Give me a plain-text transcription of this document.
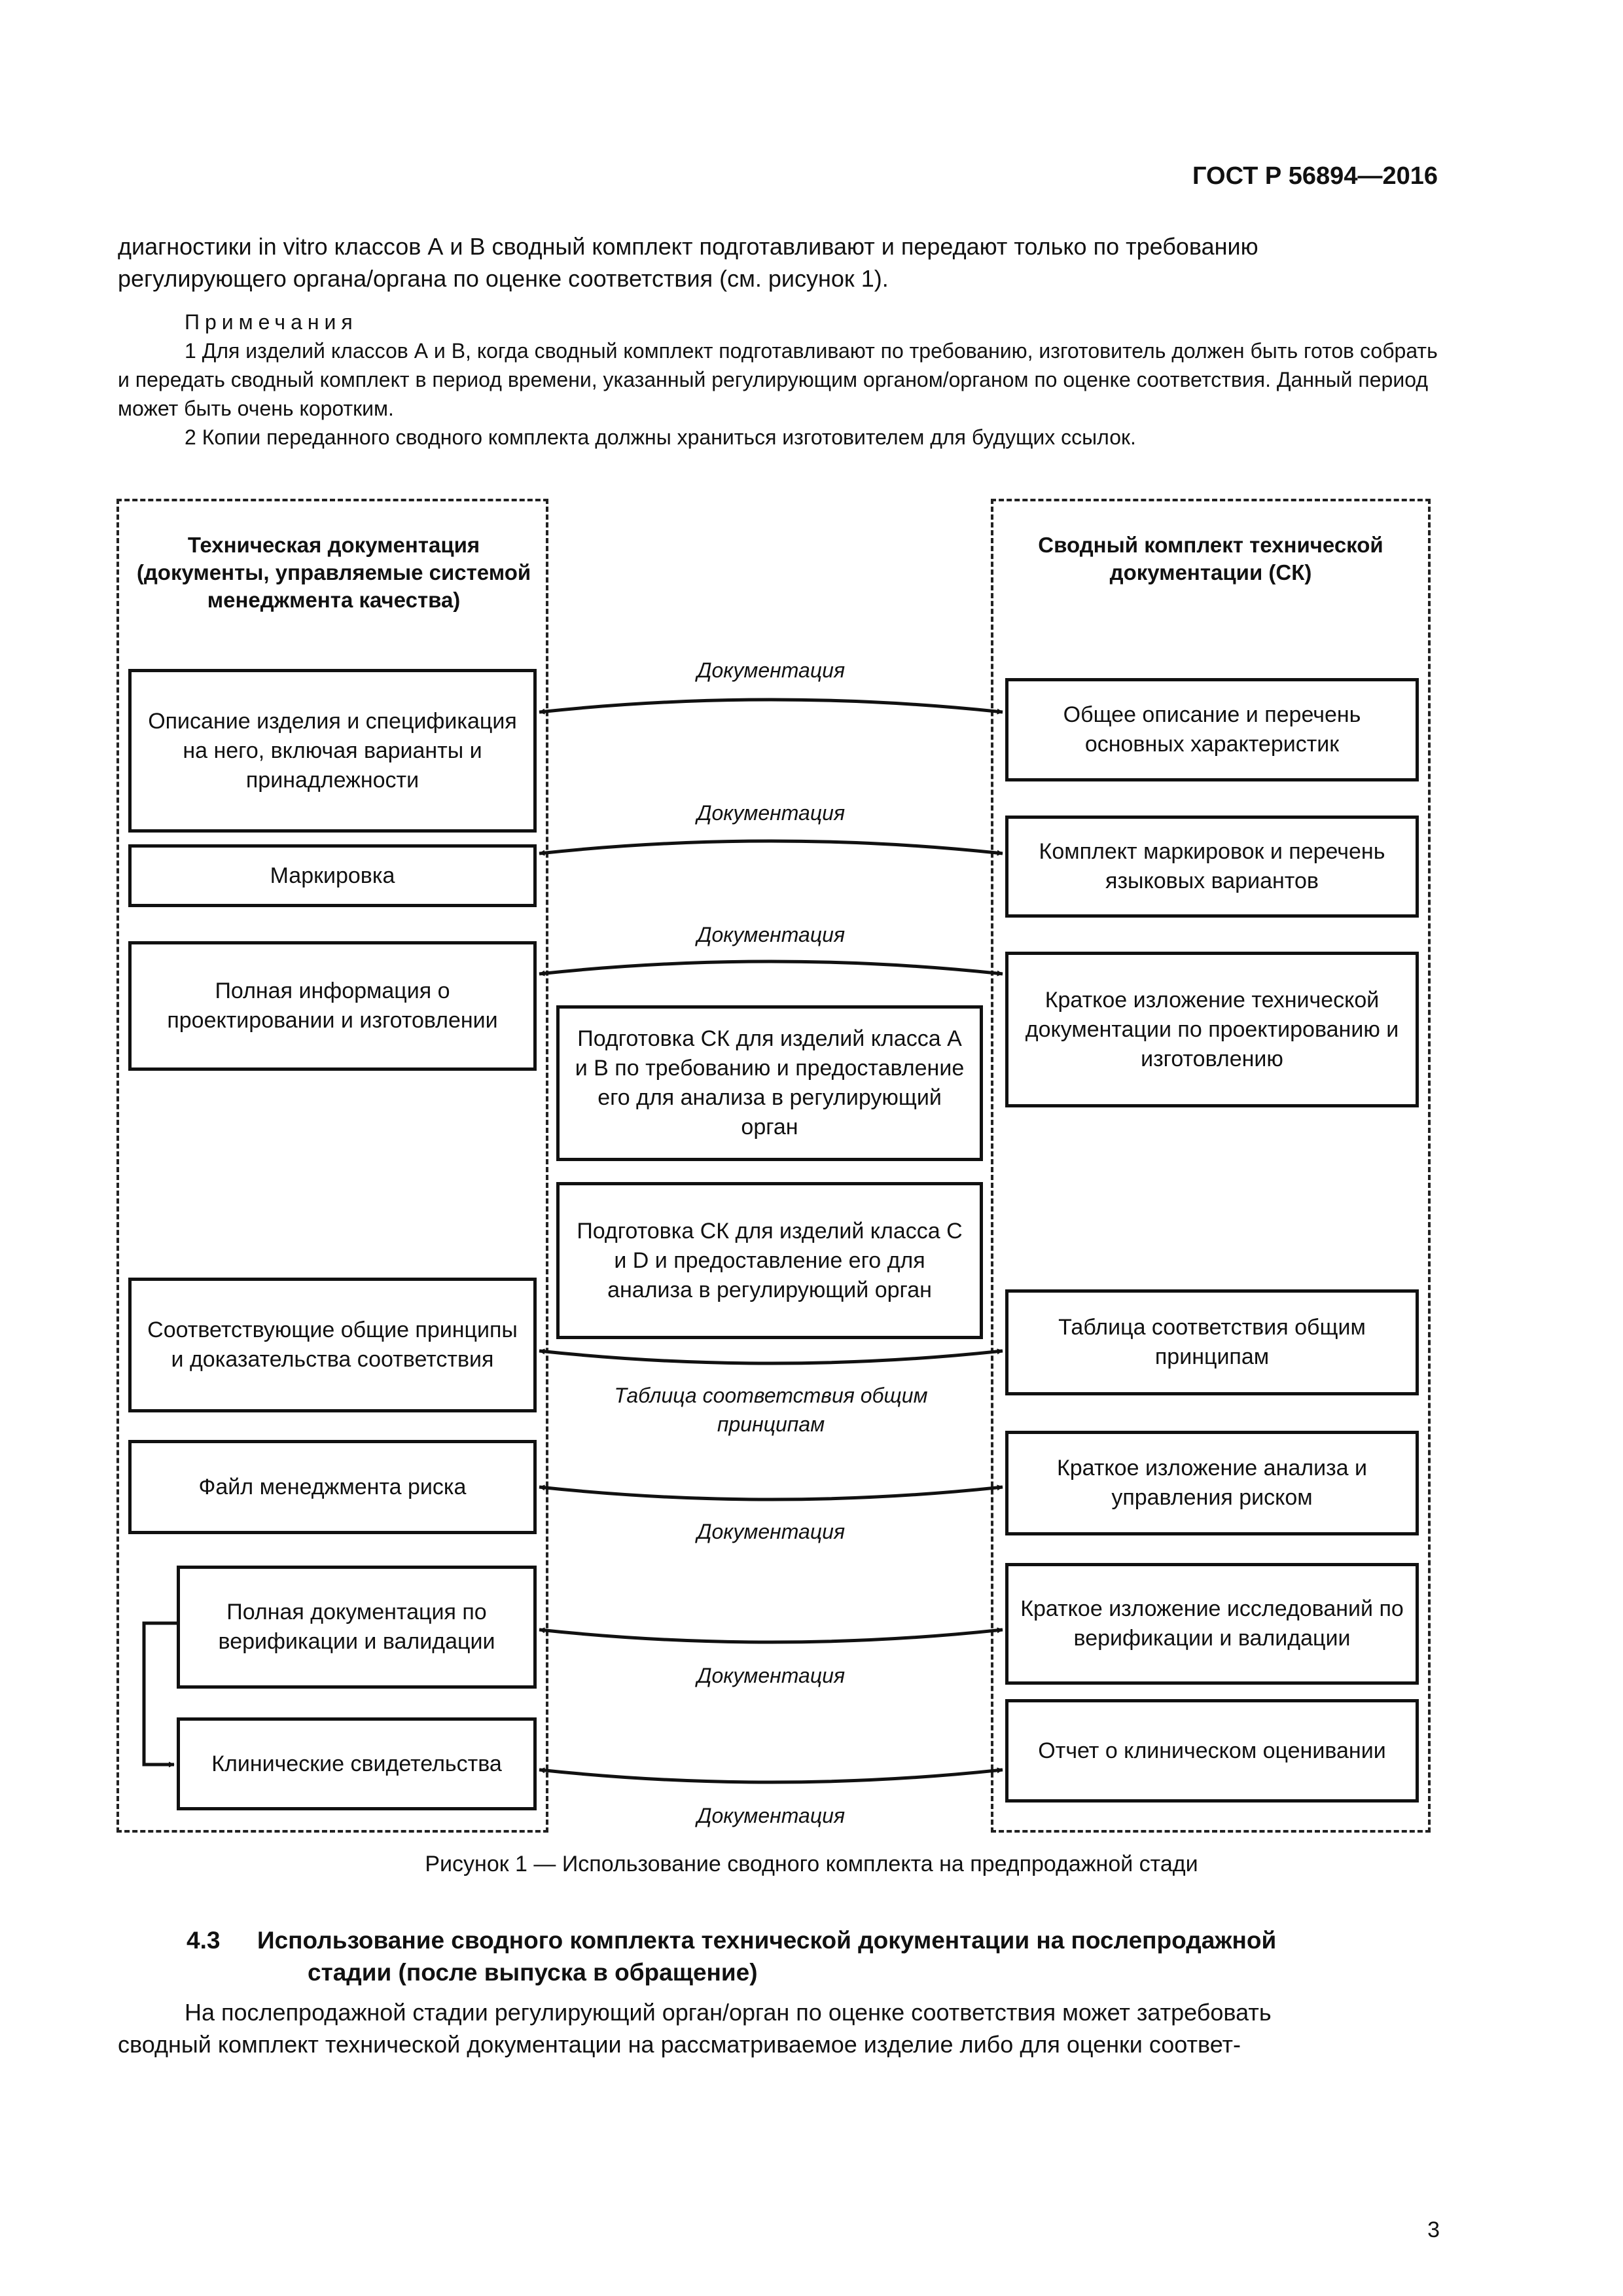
ГОСТ Р 56894—2016

диагностики in vitro классов А и В сводный комплект подготавливают и передают только по требованию

регулирующего органа/органа по оценке соответствия (см. рисунок 1).

Примечания

1 Для изделий классов А и В, когда сводный комплект подготавливают по требованию, изготовитель должен быть готов собрать и передать сводный комплект в период времени, указанный регулирующим органом/органом по оценке соответствия. Данный период может быть очень коротким.

2 Копии переданного сводного комплекта должны храниться изготовителем для будущих ссылок.

Техническая документация (документы, управляемые системой менеджмента качества)
Сводный комплект технической документации (СК)
Описание изделия и спецификация на него, включая варианты и принадлежности
Маркировка
Полная информация о проектировании и изготовлении
Соответствующие общие принципы и доказательства соответствия
Файл менеджмента риска
Полная документация по верификации и валидации
Клинические свидетельства
Общее описание и перечень основных характеристик
Комплект маркировок и перечень языковых вариантов
Краткое изложение технической документации по проектированию и изготовлению
Таблица соответствия общим принципам
Краткое изложение анализа и управления риском
Краткое изложение исследований по верификации и валидации
Отчет о клиническом оценивании
Подготовка СК для изделий класса А и В по требованию и предоставление его для анализа в регулирующий орган
Подготовка СК для изделий класса С и D и предоставление его для анализа в регулирующий орган
Документация
Документация
Документация
Таблица соответствия общим принципам
Документация
Документация
Документация
Рисунок 1 — Использование сводного комплекта на предпродажной стади
4.3 Использование сводного комплекта технической документации на послепродажной
стадии (после выпуска в обращение)
На послепродажной стадии регулирующий орган/орган по оценке соответствия может затребовать
сводный комплект технической документации на рассматриваемое изделие либо для оценки соответ-
3
